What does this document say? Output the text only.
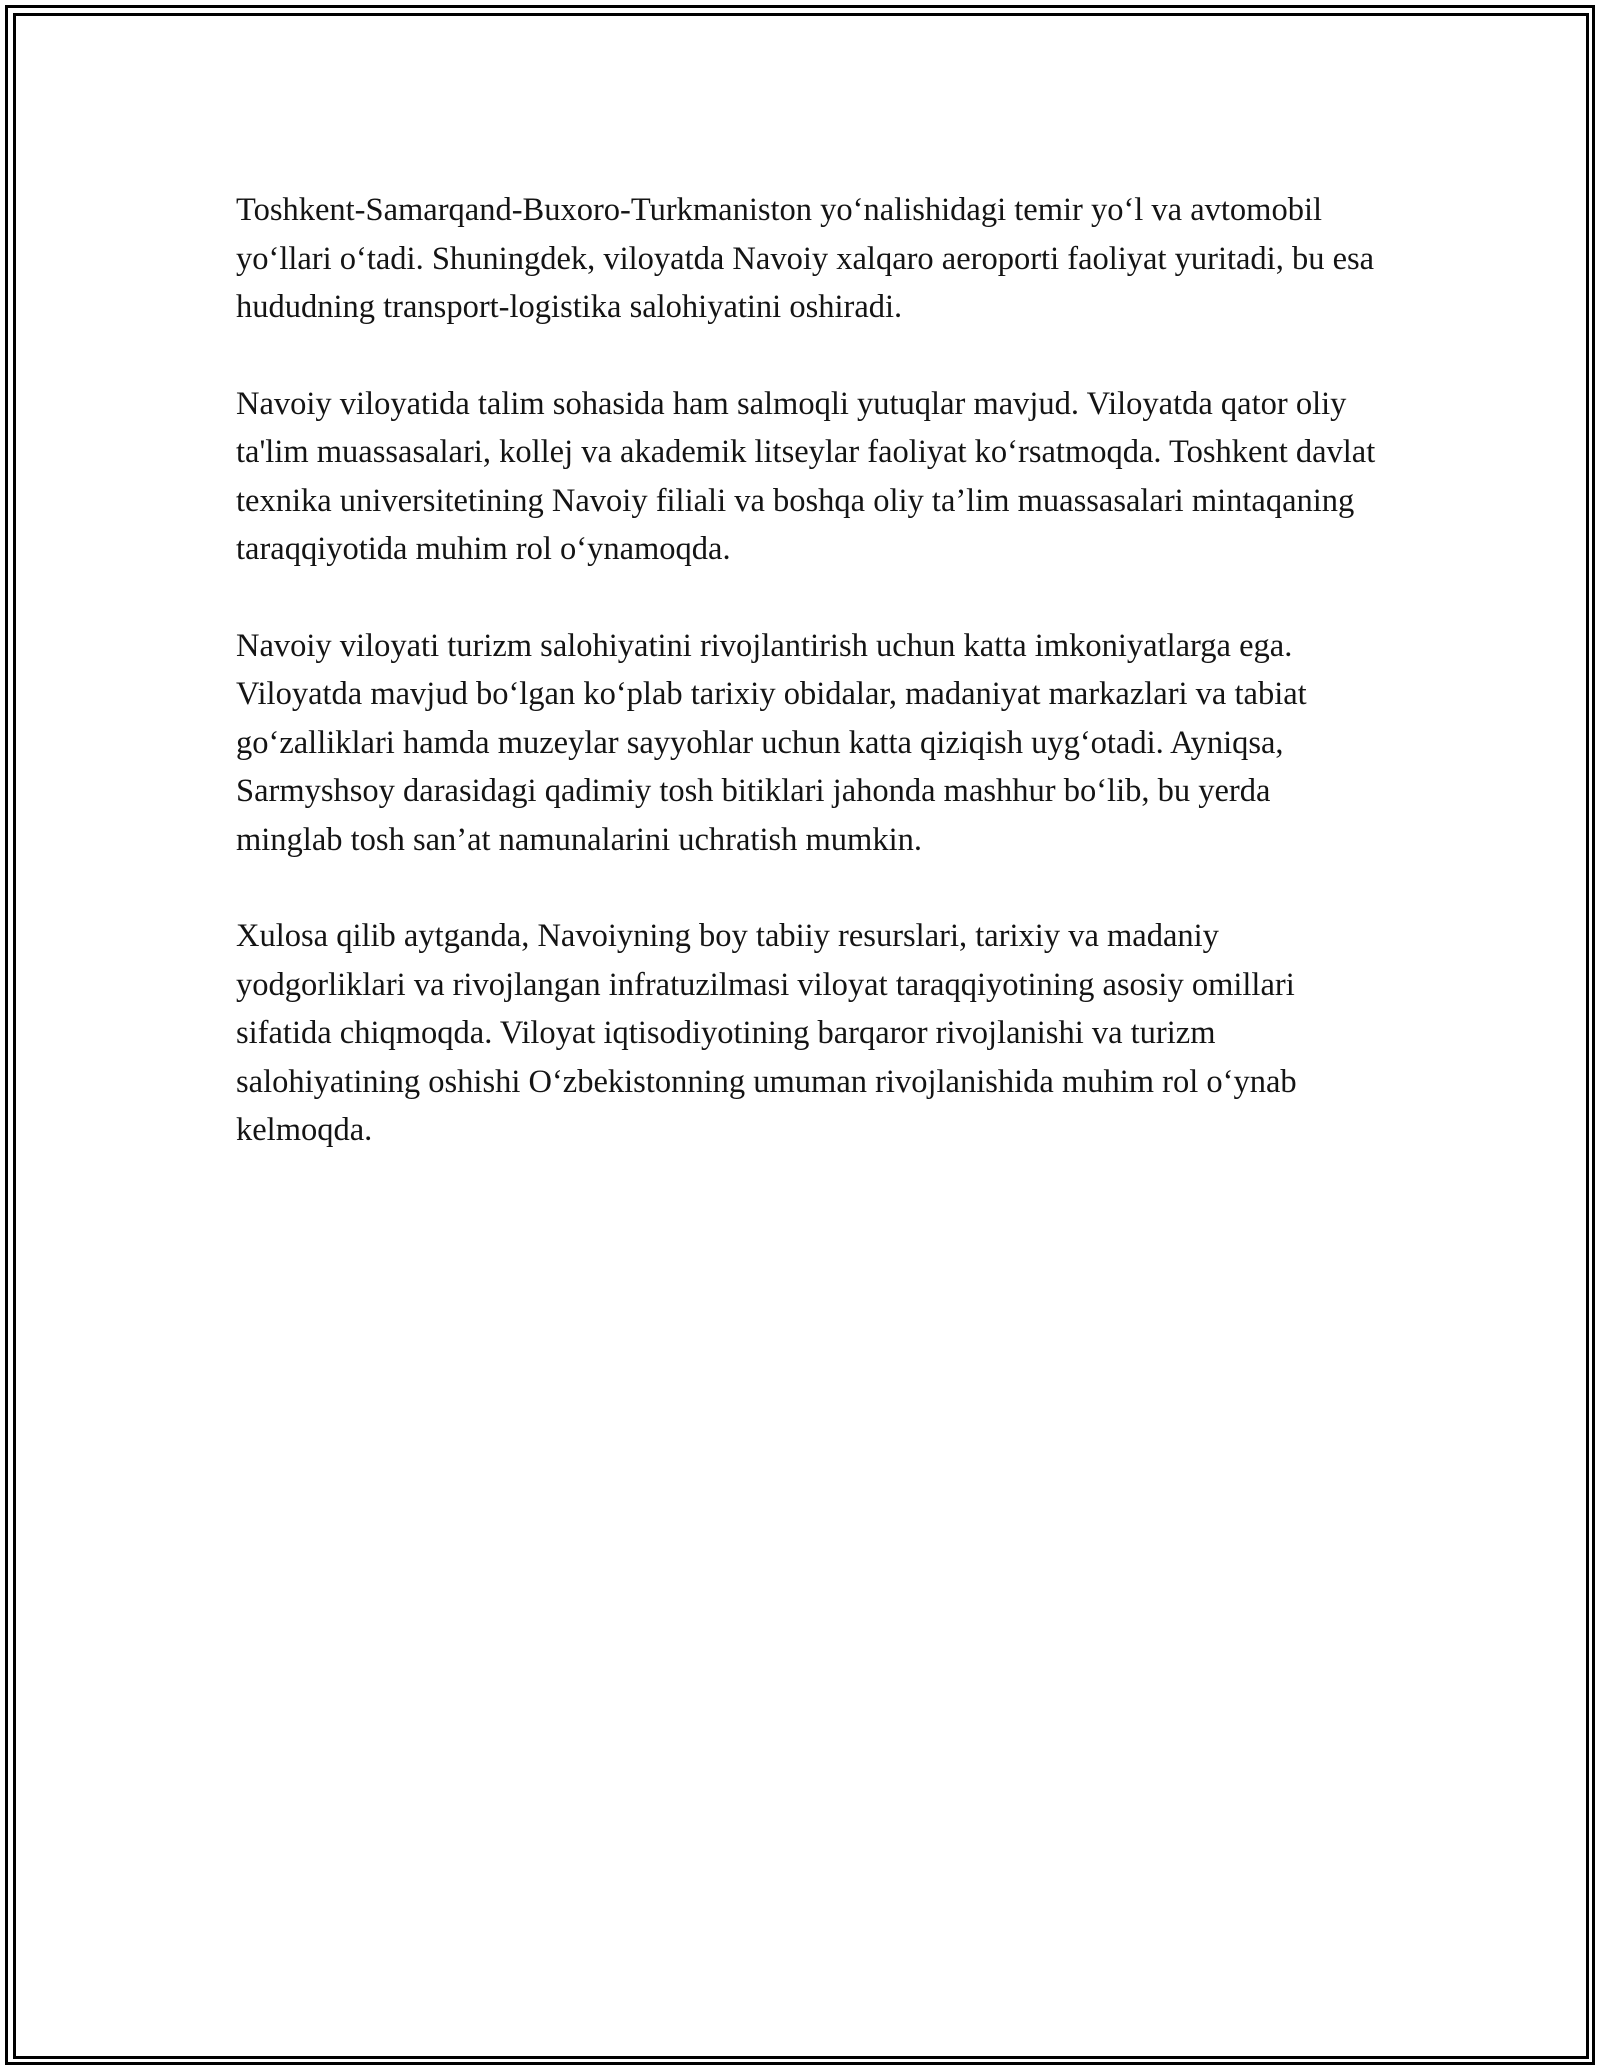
Toshkent-Samarqand-Buxoro-Turkmaniston yo‘nalishidagi temir yo‘l va avtomobil yo‘llari o‘tadi. Shuningdek, viloyatda Navoiy xalqaro aeroporti faoliyat yuritadi, bu esa hududning transport-logistika salohiyatini oshiradi.

Navoiy viloyatida talim sohasida ham salmoqli yutuqlar mavjud. Viloyatda qator oliy ta'lim muassasalari, kollej va akademik litseylar faoliyat ko‘rsatmoqda. Toshkent davlat texnika universitetining Navoiy filiali va boshqa oliy ta’lim muassasalari mintaqaning taraqqiyotida muhim rol o‘ynamoqda.

Navoiy viloyati turizm salohiyatini rivojlantirish uchun katta imkoniyatlarga ega. Viloyatda mavjud bo‘lgan ko‘plab tarixiy obidalar, madaniyat markazlari va tabiat go‘zalliklari hamda muzeylar sayyohlar uchun katta qiziqish uyg‘otadi. Ayniqsa, Sarmyshsoy darasidagi qadimiy tosh bitiklari jahonda mashhur bo‘lib, bu yerda minglab tosh san’at namunalarini uchratish mumkin.

Xulosa qilib aytganda, Navoiyning boy tabiiy resurslari, tarixiy va madaniy yodgorliklari va rivojlangan infratuzilmasi viloyat taraqqiyotining asosiy omillari sifatida chiqmoqda. Viloyat iqtisodiyotining barqaror rivojlanishi va turizm salohiyatining oshishi O‘zbekistonning umuman rivojlanishida muhim rol o‘ynab kelmoqda.
